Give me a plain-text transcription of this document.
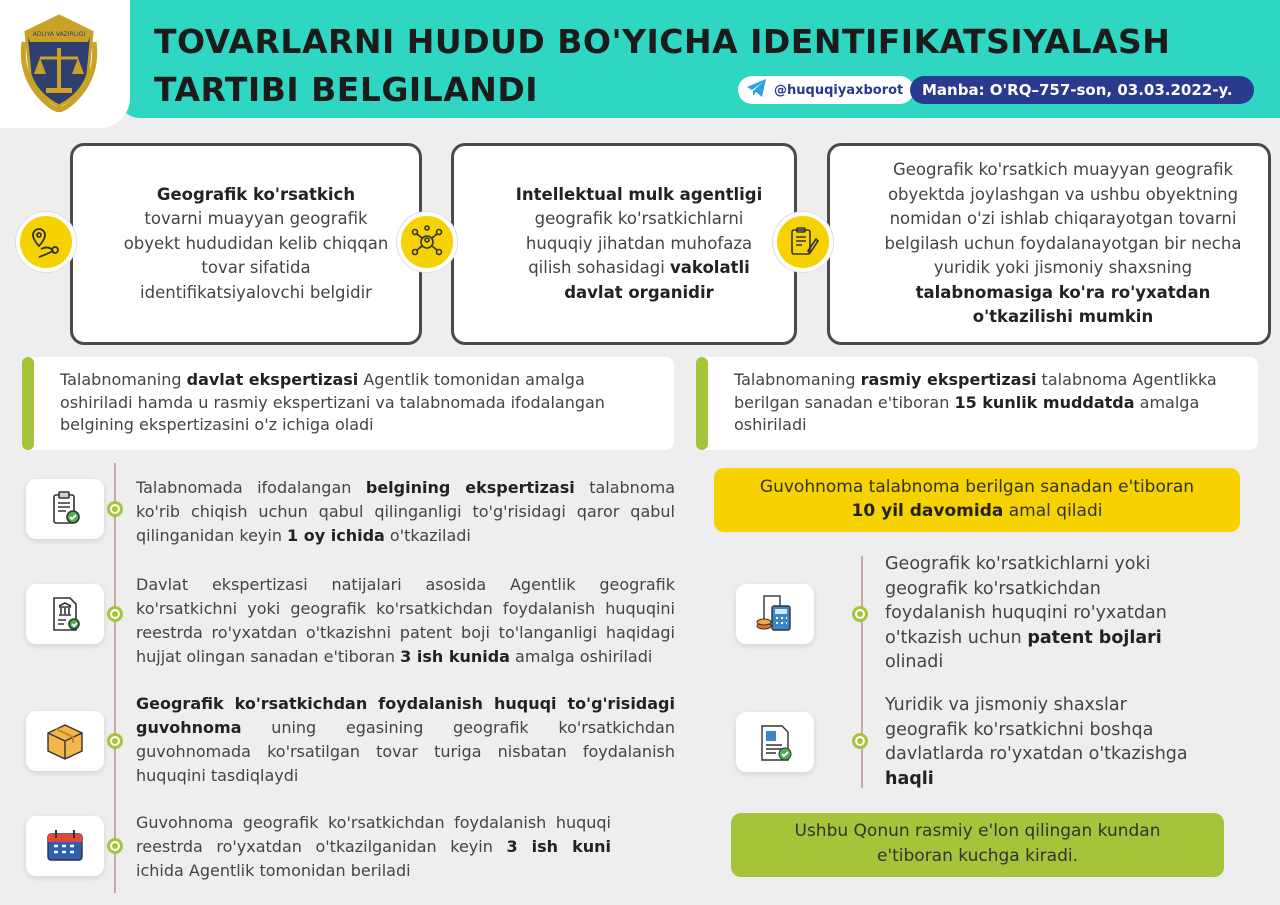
ADLIYA VAZIRLIGI TOVARLARNI HUDUD BO'YICHA IDENTIFIKATSIYALASH
TARTIBI BELGILANDI	@huquqiyaxborot	Manba: O'RQ–757-son, 03.03.2022-y.
Geografik ko'rsatkich
tovarni muayyan geografik obyekt hududidan kelib chiqqan tovar sifatida identifikatsiyalovchi belgidir
Intellektual mulk agentligi geografik ko'rsatkichlarni huquqiy jihatdan muhofaza qilish sohasidagi vakolatli davlat organidir
Geografik ko'rsatkich muayyan geografik obyektda joylashgan va ushbu obyektning nomidan o'zi ishlab chiqarayotgan tovarni belgilash uchun foydalanayotgan bir necha yuridik yoki jismoniy shaxsning talabnomasiga ko'ra ro'yxatdan o'tkazilishi mumkin
Talabnomaning davlat ekspertizasi Agentlik tomonidan amalga oshiriladi hamda u rasmiy ekspertizani va talabnomada ifodalangan belgining ekspertizasini o'z ichiga oladi
Talabnomaning rasmiy ekspertizasi talabnoma Agentlikka berilgan sanadan e'tiboran 15 kunlik muddatda amalga oshiriladi
Talabnomada ifodalangan belgining ekspertizasi talabnoma ko'rib chiqish uchun qabul qilinganligi to'g'risidagi qaror qabul qilinganidan keyin 1 oy ichida o'tkaziladi
Davlat ekspertizasi natijalari asosida Agentlik geografik ko'rsatkichni yoki geografik ko'rsatkichdan foydalanish huquqini reestrda ro'yxatdan o'tkazishni patent boji to'langanligi haqidagi hujjat olingan sanadan e'tiboran 3 ish kunida amalga oshiriladi
Geografik ko'rsatkichdan foydalanish huquqi to'g'risidagi guvohnoma uning egasining geografik ko'rsatkichdan guvohnomada ko'rsatilgan tovar turiga nisbatan foydalanish huquqini tasdiqlaydi
Guvohnoma geografik ko'rsatkichdan foydalanish huquqi reestrda ro'yxatdan o'tkazilganidan keyin 3 ish kuni ichida Agentlik tomonidan beriladi
Guvohnoma talabnoma berilgan sanadan e'tiboran
10 yil davomida amal qiladi
Geografik ko'rsatkichlarni yoki geografik ko'rsatkichdan foydalanish huquqini ro'yxatdan o'tkazish uchun patent bojlari olinadi
Yuridik va jismoniy shaxslar geografik ko'rsatkichni boshqa davlatlarda ro'yxatdan o'tkazishga haqli
Ushbu Qonun rasmiy e'lon qilingan kundan e'tiboran kuchga kiradi.
